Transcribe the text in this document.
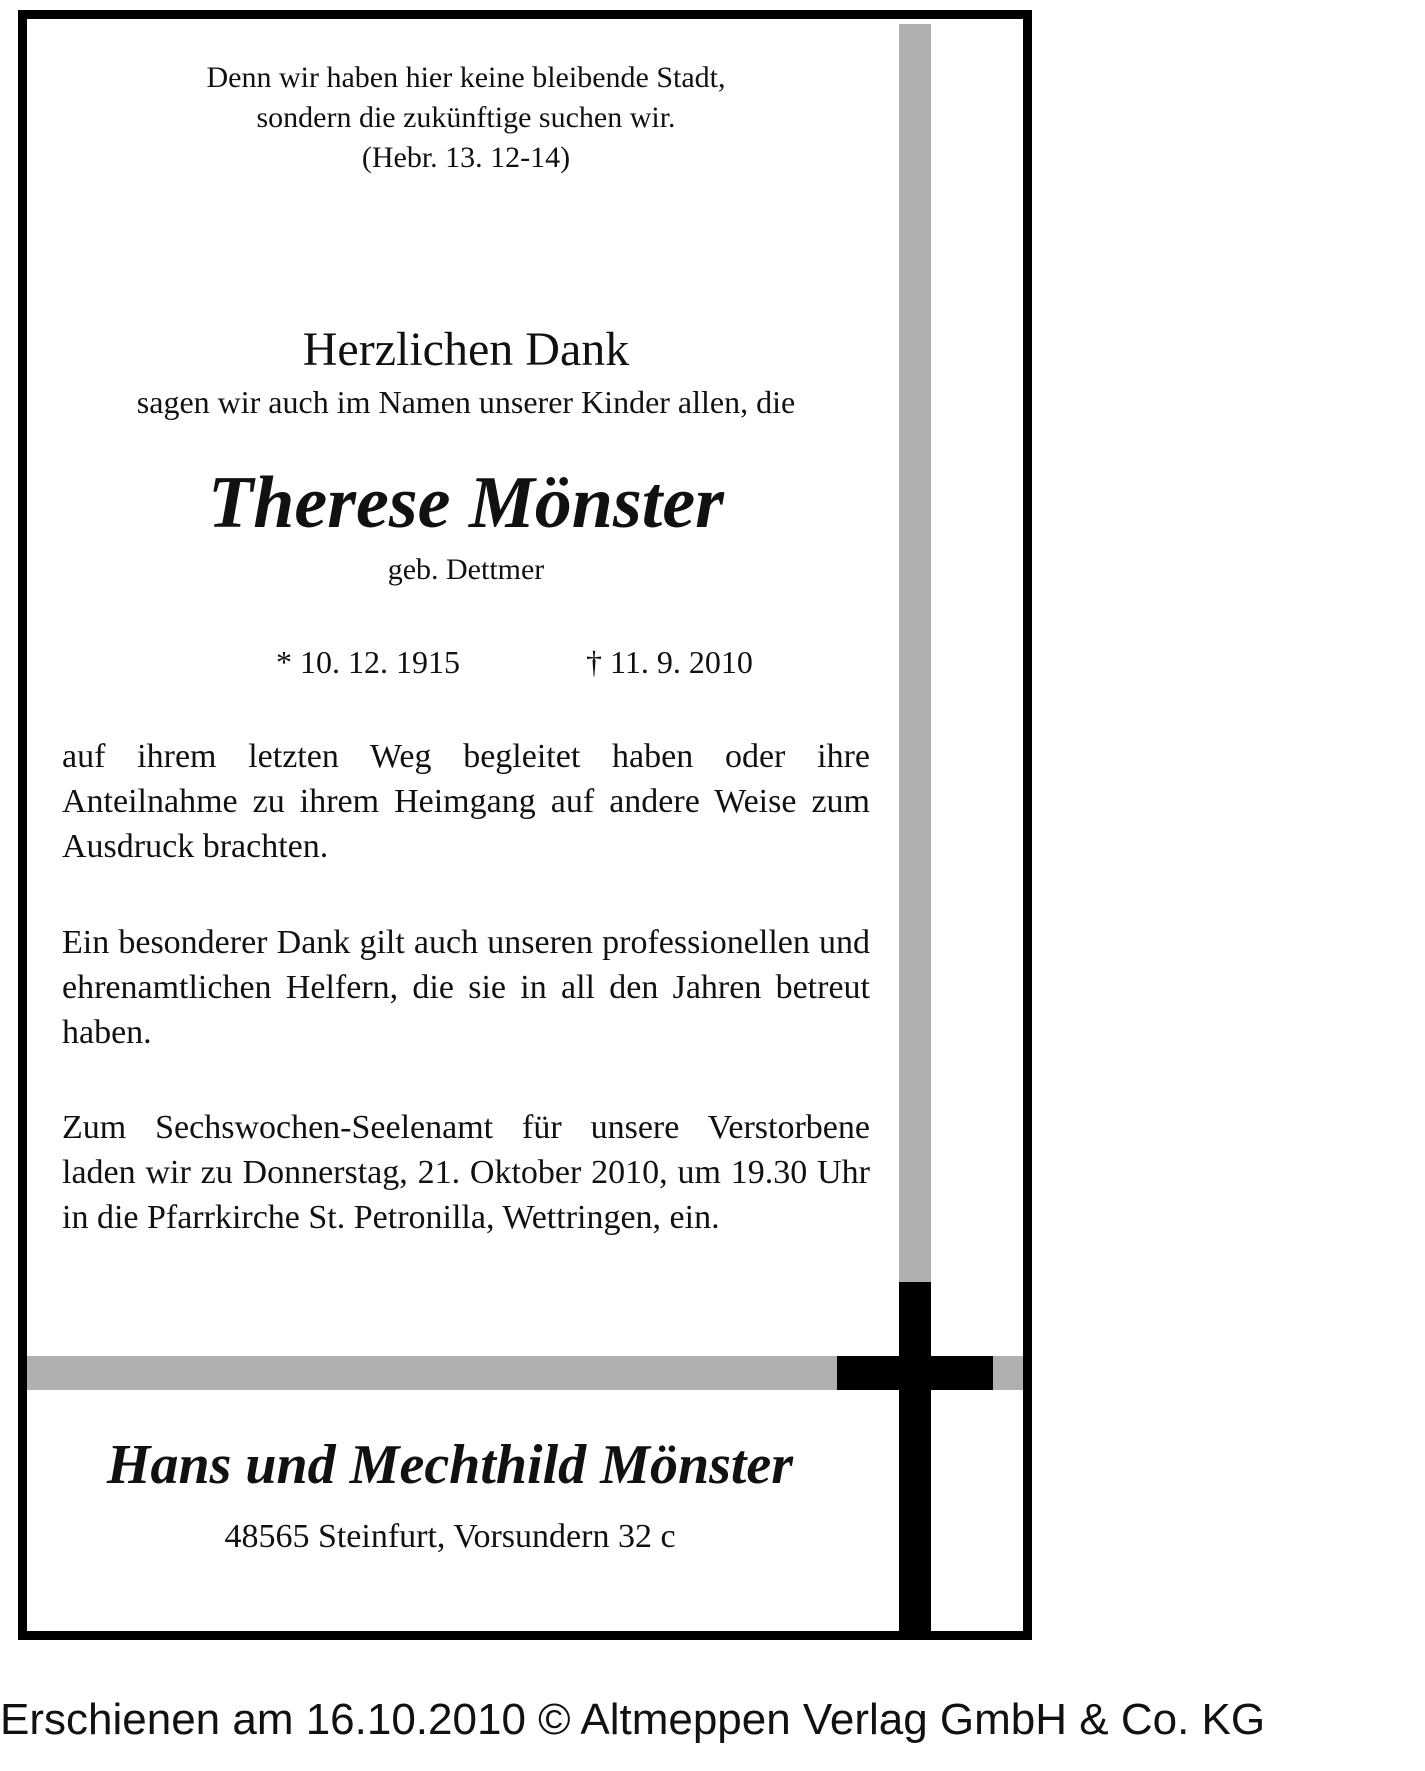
Denn wir haben hier keine bleibende Stadt,
sondern die zukünftige suchen wir.
(Hebr. 13. 12-14)
Herzlichen Dank
sagen wir auch im Namen unserer Kinder allen, die
Therese Mönster
geb. Dettmer
* 10. 12. 1915	† 11. 9. 2010

auf ihrem letzten Weg begleitet haben oder ihre Anteilnahme zu ihrem Heimgang auf andere Weise zum Ausdruck brachten.

Ein besonderer Dank gilt auch unseren professionellen und ehrenamtlichen Helfern, die sie in all den Jahren betreut haben.

Zum Sechswochen-Seelenamt für unsere Verstorbene laden wir zu Donnerstag, 21. Oktober 2010, um 19.30 Uhr in die Pfarrkirche St. Petronilla, Wettringen, ein.

Hans und Mechthild Mönster
48565 Steinfurt, Vorsundern 32 c
Erschienen am 16.10.2010 © Altmeppen Verlag GmbH & Co. KG
